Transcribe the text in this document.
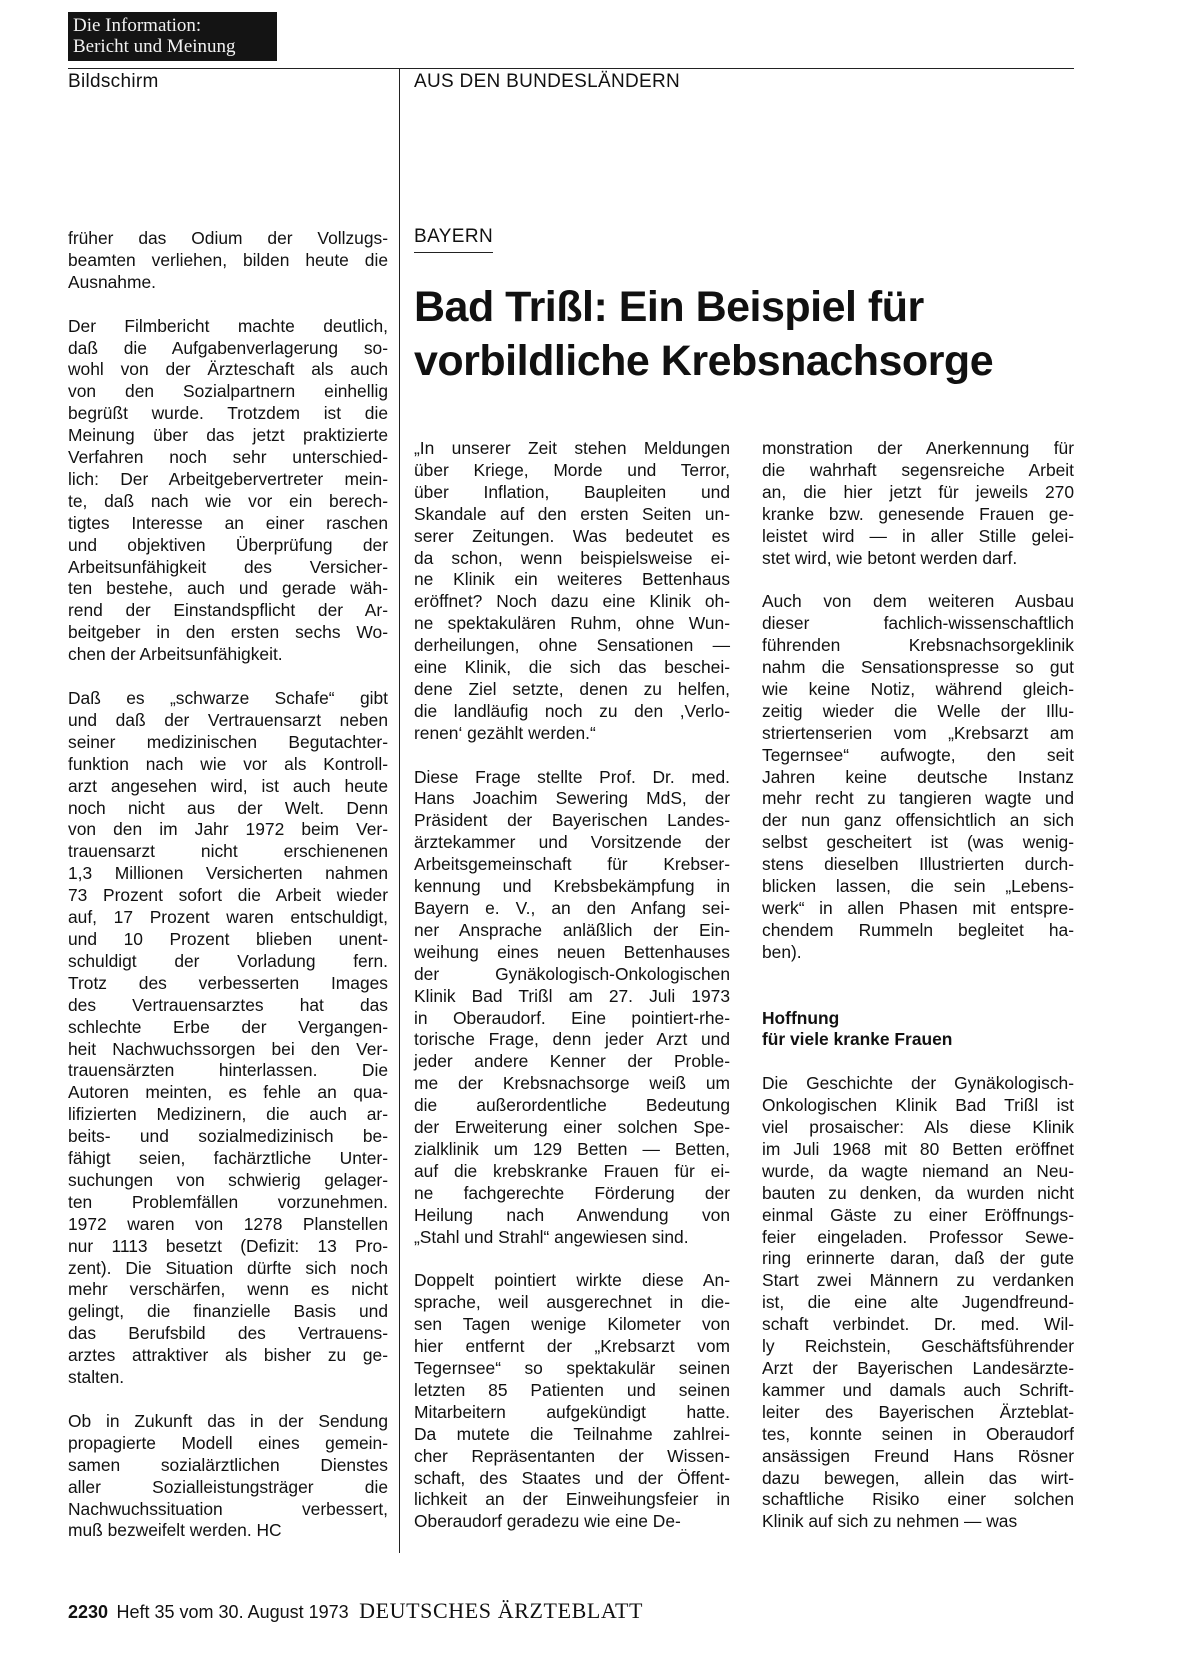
Die Information:
Bericht und Meinung
Bildschirm	AUS DEN BUNDESLÄNDERN
BAYERN
Bad Trißl: Ein Beispiel für
vorbildliche Krebsnachsorge

früher das Odium der Vollzugs-
beamten verliehen, bilden heute die
Ausnahme.

Der Filmbericht machte deutlich,
daß die Aufgabenverlagerung so-
wohl von der Ärzteschaft als auch
von den Sozialpartnern einhellig
begrüßt wurde. Trotzdem ist die
Meinung über das jetzt praktizierte
Verfahren noch sehr unterschied-
lich: Der Arbeitgebervertreter mein-
te, daß nach wie vor ein berech-
tigtes Interesse an einer raschen
und objektiven Überprüfung der
Arbeitsunfähigkeit des Versicher-
ten bestehe, auch und gerade wäh-
rend der Einstandspflicht der Ar-
beitgeber in den ersten sechs Wo-
chen der Arbeitsunfähigkeit.

Daß es „schwarze Schafe“ gibt
und daß der Vertrauensarzt neben
seiner medizinischen Begutachter-
funktion nach wie vor als Kontroll-
arzt angesehen wird, ist auch heute
noch nicht aus der Welt. Denn
von den im Jahr 1972 beim Ver-
trauensarzt nicht erschienenen
1,3 Millionen Versicherten nahmen
73 Prozent sofort die Arbeit wieder
auf, 17 Prozent waren entschuldigt,
und 10 Prozent blieben unent-
schuldigt der Vorladung fern.
Trotz des verbesserten Images
des Vertrauensarztes hat das
schlechte Erbe der Vergangen-
heit Nachwuchssorgen bei den Ver-
trauensärzten hinterlassen. Die
Autoren meinten, es fehle an qua-
lifizierten Medizinern, die auch ar-
beits- und sozialmedizinisch be-
fähigt seien, fachärztliche Unter-
suchungen von schwierig gelager-
ten Problemfällen vorzunehmen.
1972 waren von 1278 Planstellen
nur 1113 besetzt (Defizit: 13 Pro-
zent). Die Situation dürfte sich noch
mehr verschärfen, wenn es nicht
gelingt, die finanzielle Basis und
das Berufsbild des Vertrauens-
arztes attraktiver als bisher zu ge-
stalten.

Ob in Zukunft das in der Sendung
propagierte Modell eines gemein-
samen sozialärztlichen Dienstes
aller Sozialleistungsträger die
Nachwuchssituation verbessert,
muß bezweifelt werden. HC

„In unserer Zeit stehen Meldungen
über Kriege, Morde und Terror,
über Inflation, Baupleiten und
Skandale auf den ersten Seiten un-
serer Zeitungen. Was bedeutet es
da schon, wenn beispielsweise ei-
ne Klinik ein weiteres Bettenhaus
eröffnet? Noch dazu eine Klinik oh-
ne spektakulären Ruhm, ohne Wun-
derheilungen, ohne Sensationen —
eine Klinik, die sich das beschei-
dene Ziel setzte, denen zu helfen,
die landläufig noch zu den ,Verlo-
renen‘ gezählt werden.“

Diese Frage stellte Prof. Dr. med.
Hans Joachim Sewering MdS, der
Präsident der Bayerischen Landes-
ärztekammer und Vorsitzende der
Arbeitsgemeinschaft für Krebser-
kennung und Krebsbekämpfung in
Bayern e. V., an den Anfang sei-
ner Ansprache anläßlich der Ein-
weihung eines neuen Bettenhauses
der Gynäkologisch-Onkologischen
Klinik Bad Trißl am 27. Juli 1973
in Oberaudorf. Eine pointiert-rhe-
torische Frage, denn jeder Arzt und
jeder andere Kenner der Proble-
me der Krebsnachsorge weiß um
die außerordentliche Bedeutung
der Erweiterung einer solchen Spe-
zialklinik um 129 Betten — Betten,
auf die krebskranke Frauen für ei-
ne fachgerechte Förderung der
Heilung nach Anwendung von
„Stahl und Strahl“ angewiesen sind.

Doppelt pointiert wirkte diese An-
sprache, weil ausgerechnet in die-
sen Tagen wenige Kilometer von
hier entfernt der „Krebsarzt vom
Tegernsee“ so spektakulär seinen
letzten 85 Patienten und seinen
Mitarbeitern aufgekündigt hatte.
Da mutete die Teilnahme zahlrei-
cher Repräsentanten der Wissen-
schaft, des Staates und der Öffent-
lichkeit an der Einweihungsfeier in
Oberaudorf geradezu wie eine De-

monstration der Anerkennung für
die wahrhaft segensreiche Arbeit
an, die hier jetzt für jeweils 270
kranke bzw. genesende Frauen ge-
leistet wird — in aller Stille gelei-
stet wird, wie betont werden darf.

Auch von dem weiteren Ausbau
dieser fachlich-wissenschaftlich
führenden Krebsnachsorgeklinik
nahm die Sensationspresse so gut
wie keine Notiz, während gleich-
zeitig wieder die Welle der Illu-
striertenserien vom „Krebsarzt am
Tegernsee“ aufwogte, den seit
Jahren keine deutsche Instanz
mehr recht zu tangieren wagte und
der nun ganz offensichtlich an sich
selbst gescheitert ist (was wenig-
stens dieselben Illustrierten durch-
blicken lassen, die sein „Lebens-
werk“ in allen Phasen mit entspre-
chendem Rummeln begleitet ha-
ben).

Hoffnung
für viele kranke Frauen

Die Geschichte der Gynäkologisch-
Onkologischen Klinik Bad Trißl ist
viel prosaischer: Als diese Klinik
im Juli 1968 mit 80 Betten eröffnet
wurde, da wagte niemand an Neu-
bauten zu denken, da wurden nicht
einmal Gäste zu einer Eröffnungs-
feier eingeladen. Professor Sewe-
ring erinnerte daran, daß der gute
Start zwei Männern zu verdanken
ist, die eine alte Jugendfreund-
schaft verbindet. Dr. med. Wil-
ly Reichstein, Geschäftsführender
Arzt der Bayerischen Landesärzte-
kammer und damals auch Schrift-
leiter des Bayerischen Ärzteblat-
tes, konnte seinen in Oberaudorf
ansässigen Freund Hans Rösner
dazu bewegen, allein das wirt-
schaftliche Risiko einer solchen
Klinik auf sich zu nehmen — was

2230 Heft 35 vom 30. August 1973 DEUTSCHES ÄRZTEBLATT
